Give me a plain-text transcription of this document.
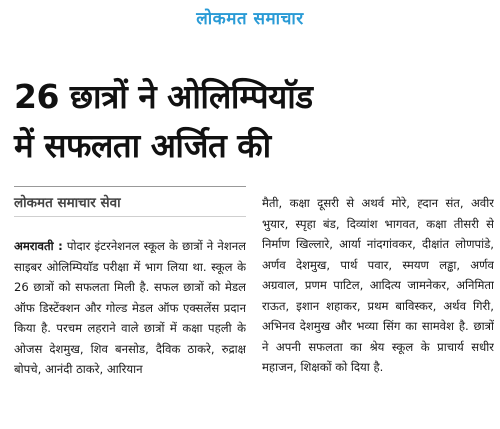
लोकमत समाचार
26 छात्रों ने ओलिम्पियाॅड
में सफलता अर्जित की
लोकमत समाचार सेवा
अमरावती : पोदार इंटरनेशनल स्कूल के छात्रों ने नेशनल साइबर ओलिम्पियाॅड परीक्षा में भाग लिया था. स्कूल के 26 छात्रों को सफलता मिली है. सफल छात्रों को मेडल ऑफ डिस्टेंक्शन और गोल्ड मेडल ऑफ एक्सलेंस प्रदान किया है. परचम लहराने वाले छात्रों में कक्षा पहली के ओजस देशमुख, शिव बनसोड, दैविक ठाकरे, रुद्राक्ष बोपचे, आनंदी ठाकरे, आरियान
मैती, कक्षा दूसरी से अथर्व मोरे, ह्दान संत, अवीर भुयार, स्पृहा बंड, दिव्यांश भागवत, कक्षा तीसरी से निर्माण खिल्लारे, आर्या नांदगांवकर, दीक्षांत लोणपांडे, अर्णव देशमुख, पार्थ पवार, स्मयण लड्ढा, अर्णव अग्रवाल, प्रणम पाटिल, आदित्य जामनेकर, अनिमिता राऊत, इशान शहाकर, प्रथम बाविस्कर, अर्थव गिरी, अभिनव देशमुख और भव्या सिंग का सामवेश है. छात्रों ने अपनी सफलता का श्रेय स्कूल के प्राचार्य सधीर महाजन, शिक्षकों को दिया है.
